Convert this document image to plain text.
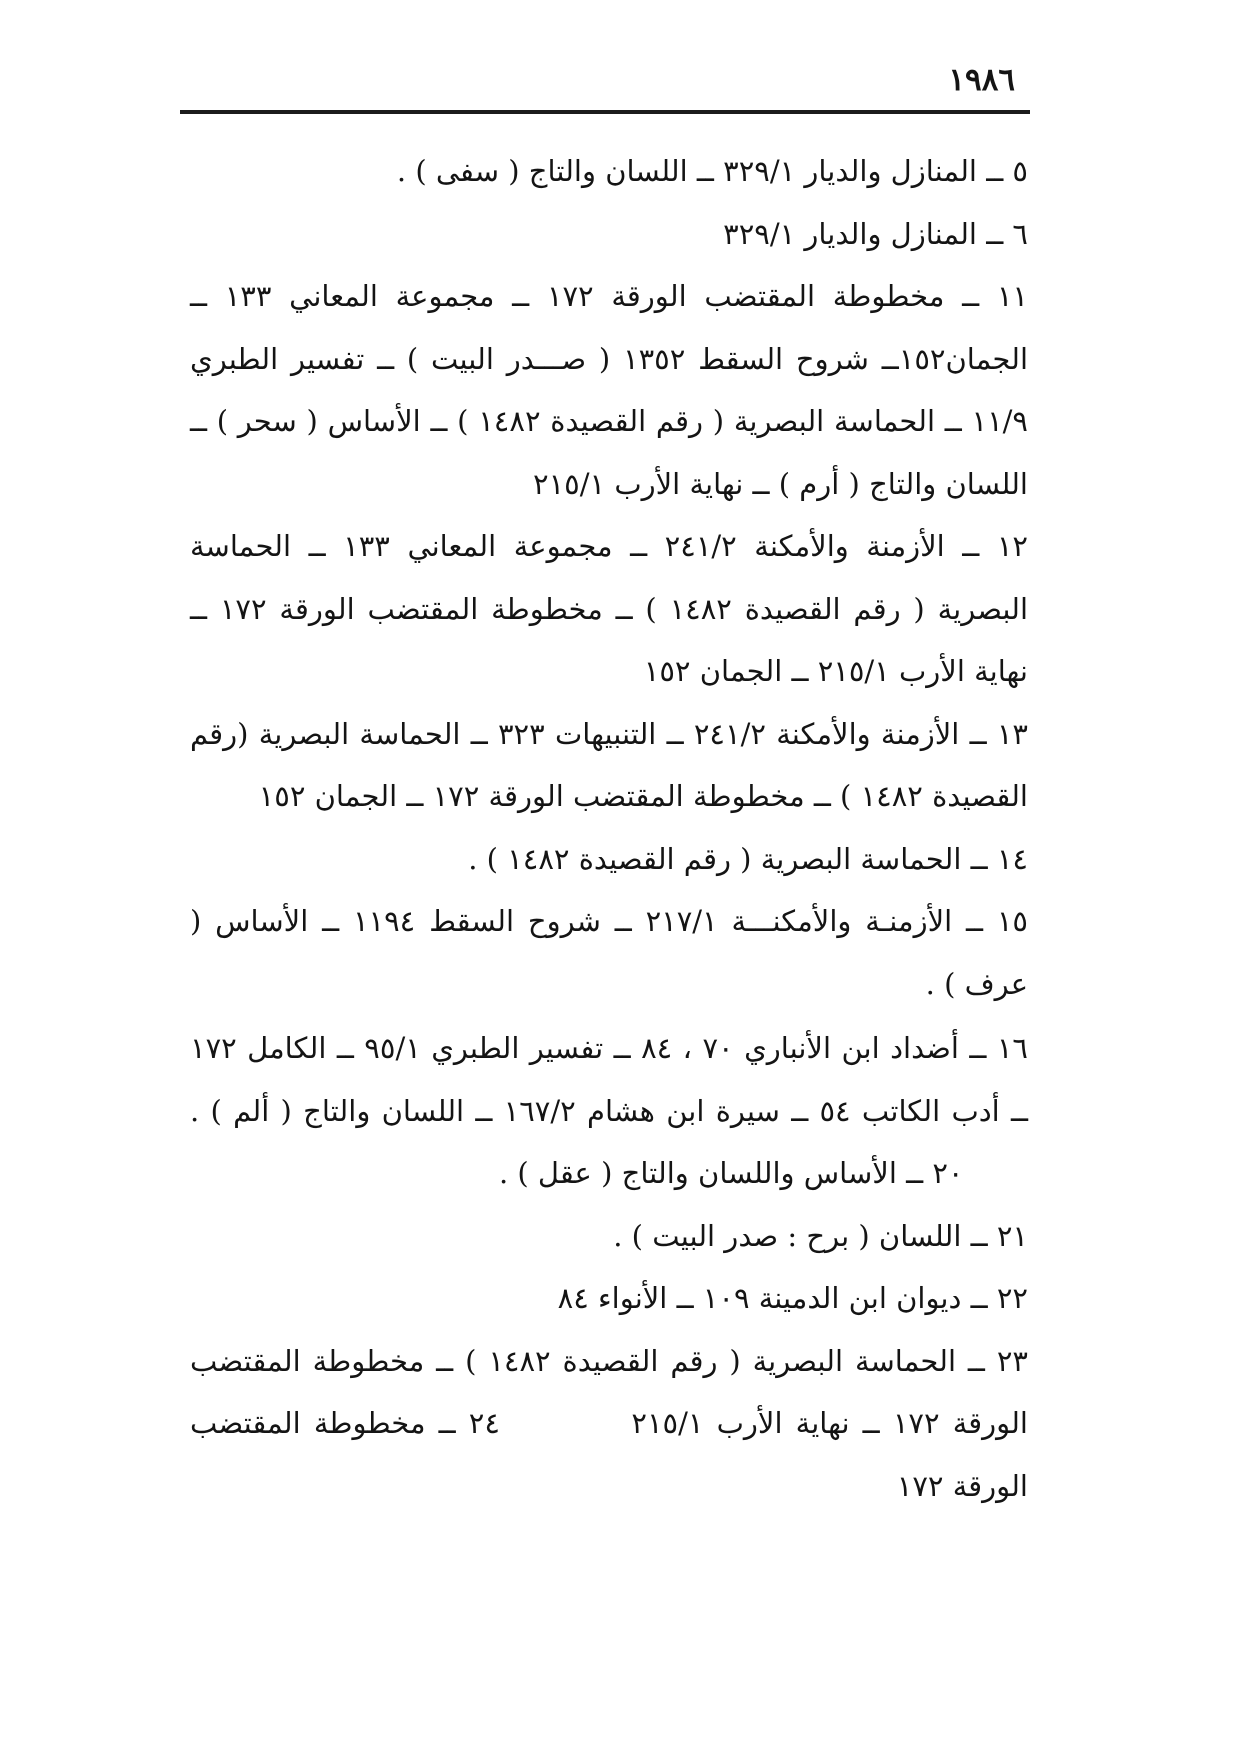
١٩٨٦

٥ ــ المنازل والديار ٣٢٩/١ ــ اللسان والتاج ( سفى ) .

٦ ــ المنازل والديار ٣٢٩/١

١١ ــ مخطوطة المقتضب الورقة ١٧٢ ــ مجموعة المعاني ١٣٣ ــ الجمان١٥٢ــ شروح السقط ١٣٥٢ ( صـــدر البيت ) ــ تفسير الطبري ١١/٩ ــ الحماسة البصرية ( رقم القصيدة ١٤٨٢ ) ــ الأساس ( سحر ) ــ اللسان والتاج ( أرم ) ــ نهاية الأرب ٢١٥/١

١٢ ــ الأزمنة والأمكنة ٢٤١/٢ ــ مجموعة المعاني ١٣٣ ــ الحماسة البصرية ( رقم القصيدة ١٤٨٢ ) ــ مخطوطة المقتضب الورقة ١٧٢ ــ نهاية الأرب ٢١٥/١ ــ الجمان ١٥٢

١٣ ــ الأزمنة والأمكنة ٢٤١/٢ ــ التنبيهات ٣٢٣ ــ الحماسة البصرية (رقم القصيدة ١٤٨٢ ) ــ مخطوطة المقتضب الورقة ١٧٢ ــ الجمان ١٥٢

١٤ ــ الحماسة البصرية ( رقم القصيدة ١٤٨٢ ) .

١٥ ــ الأزمنـة والأمكنـــة ٢١٧/١ ــ شروح السقط ١١٩٤ ــ الأساس ( عرف ) .

١٦ ــ أضداد ابن الأنباري ٧٠ ، ٨٤ ــ تفسير الطبري ٩٥/١ ــ الكامل ١٧٢ ــ أدب الكاتب ٥٤ ــ سيرة ابن هشام ١٦٧/٢ ــ اللسان والتاج ( ألم ) .        ٢٠ ــ الأساس واللسان والتاج ( عقل ) .

٢١ ــ اللسان ( برح : صدر البيت ) .

٢٢ ــ ديوان ابن الدمينة ١٠٩ ــ الأنواء ٨٤

٢٣ ــ الحماسة البصرية ( رقم القصيدة ١٤٨٢ ) ــ مخطوطة المقتضب الورقة ١٧٢ ــ نهاية الأرب ٢١٥/١          ٢٤ ــ مخطوطة المقتضب الورقة ١٧٢
